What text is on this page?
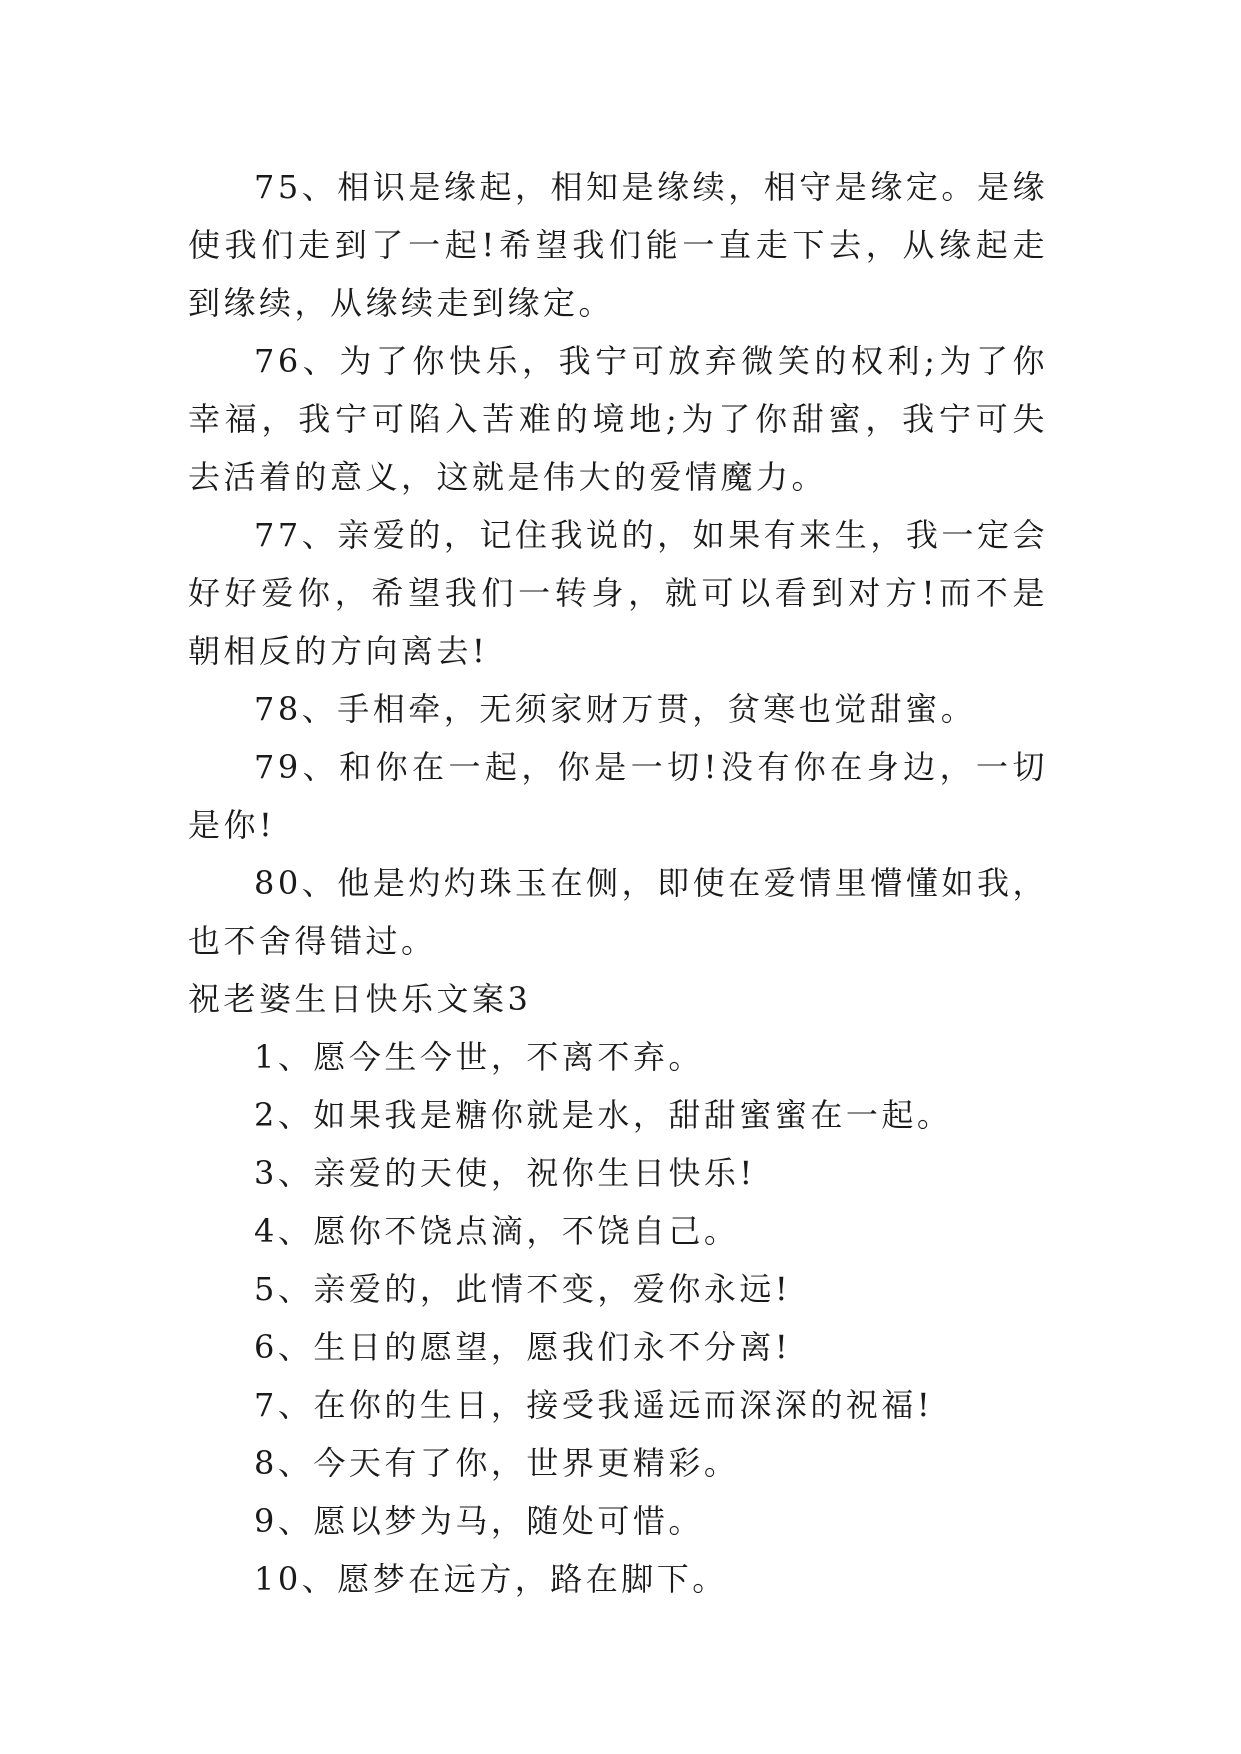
75、相识是缘起，相知是缘续，相守是缘定。是缘使我们走到了一起!希望我们能一直走下去，从缘起走到缘续，从缘续走到缘定。

76、为了你快乐，我宁可放弃微笑的权利;为了你幸福，我宁可陷入苦难的境地;为了你甜蜜，我宁可失去活着的意义，这就是伟大的爱情魔力。

77、亲爱的，记住我说的，如果有来生，我一定会好好爱你，希望我们一转身，就可以看到对方!而不是朝相反的方向离去!

78、手相牵，无须家财万贯，贫寒也觉甜蜜。

79、和你在一起，你是一切!没有你在身边，一切是你!

80、他是灼灼珠玉在侧，即使在爱情里懵懂如我，也不舍得错过。

祝老婆生日快乐文案3

1、愿今生今世，不离不弃。

2、如果我是糖你就是水，甜甜蜜蜜在一起。

3、亲爱的天使，祝你生日快乐!

4、愿你不饶点滴，不饶自己。

5、亲爱的，此情不变，爱你永远!

6、生日的愿望，愿我们永不分离!

7、在你的生日，接受我遥远而深深的祝福!

8、今天有了你，世界更精彩。

9、愿以梦为马，随处可惜。

10、愿梦在远方，路在脚下。
